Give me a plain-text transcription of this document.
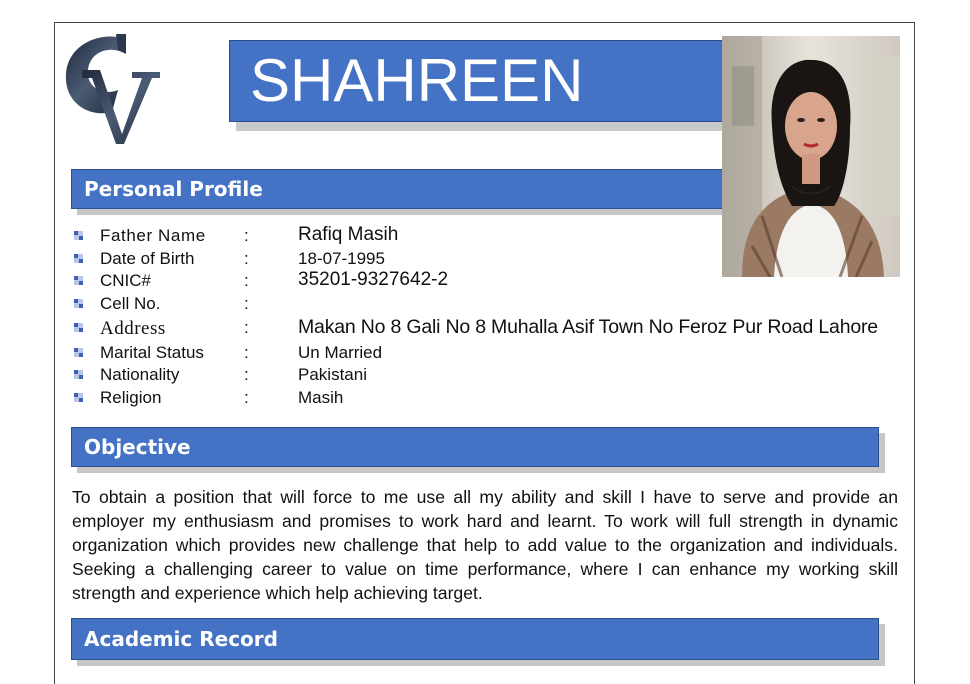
SHAHREEN
Personal Profile
Father Name :	Rafiq Masih
Date of Birth	:	18-07-1995
CNIC#	:	35201-9327642-2
Cell No.	:
Address	:	Makan No 8 Gali No 8 Muhalla Asif Town No Feroz Pur Road Lahore
Marital Status :	Un Married
Nationality	:	Pakistani
Religion	:	Masih
Objective
To obtain a position that will force to me use all my ability and skill I have to serve and provide an employer my enthusiasm and promises to work hard and learnt. To work will full strength in dynamic organization which provides new challenge that help to add value to the organization and individuals. Seeking a challenging career to value on time performance, where I can enhance my working skill strength and experience which help achieving target.
Academic Record
